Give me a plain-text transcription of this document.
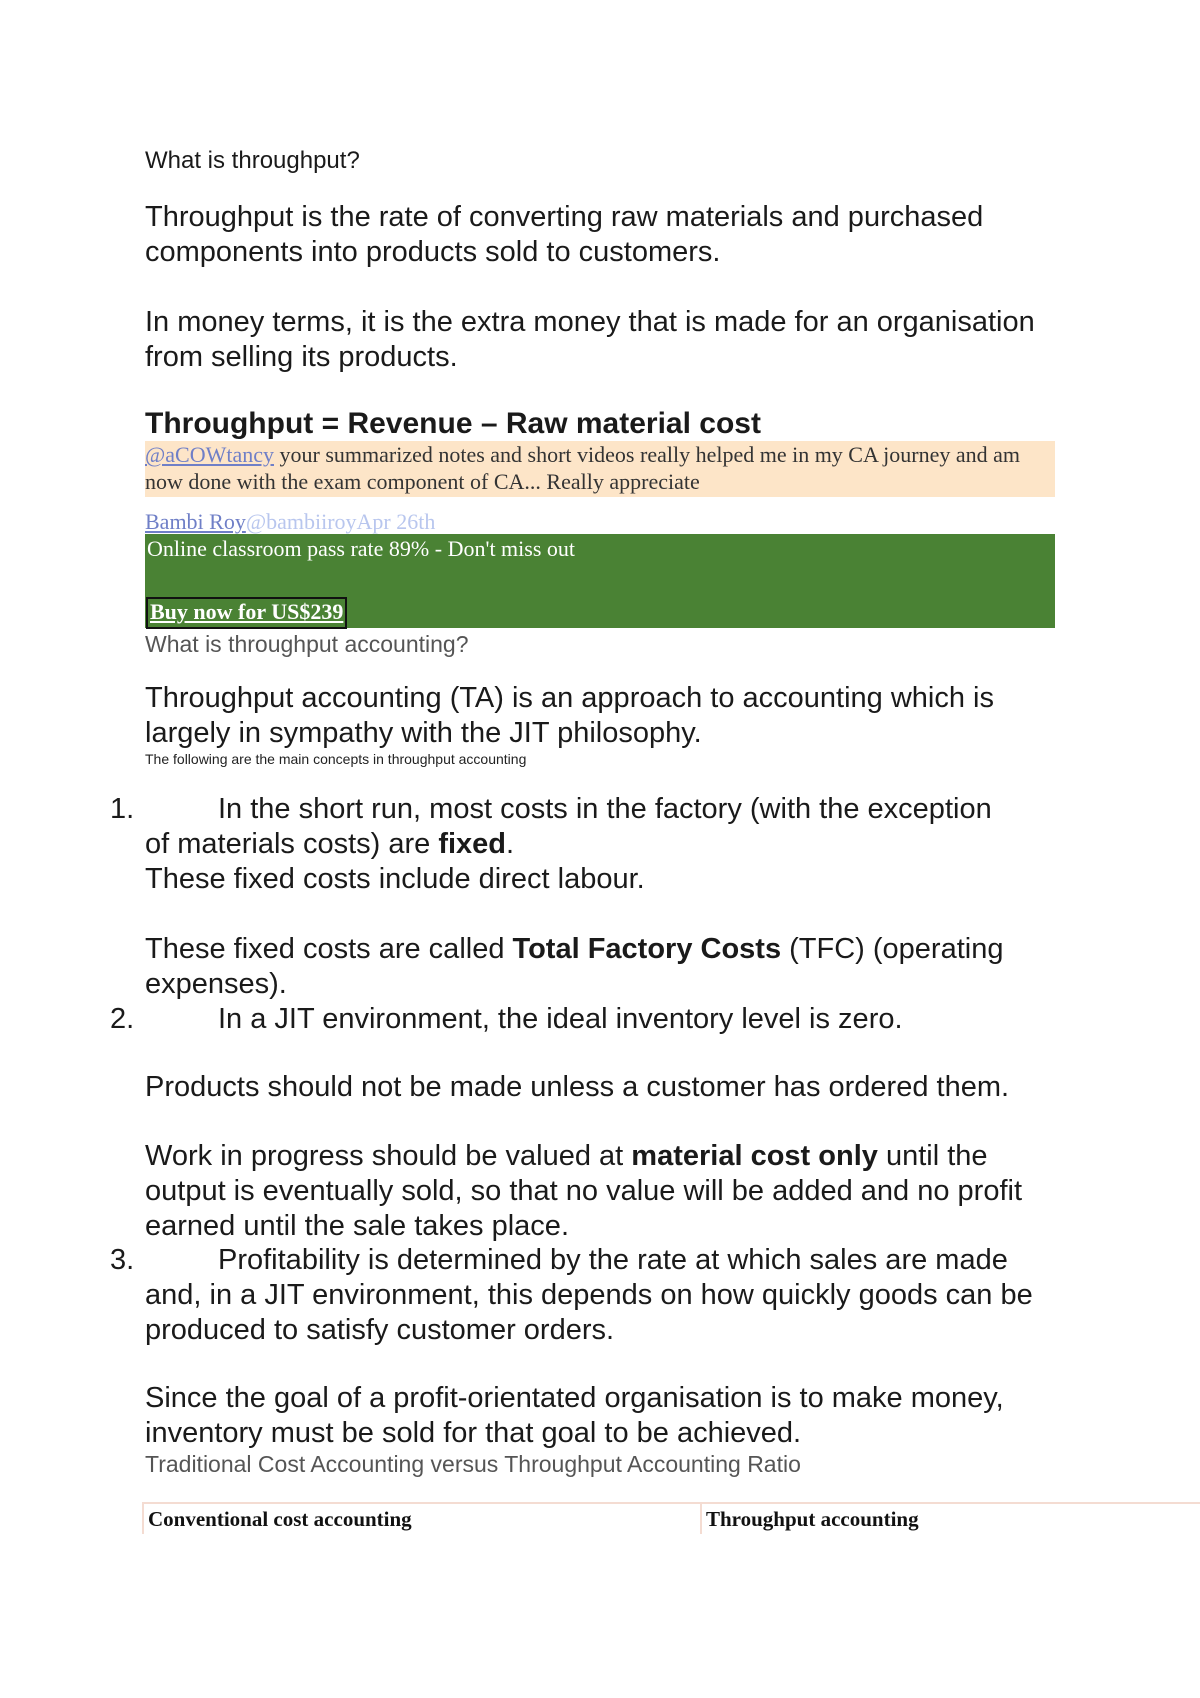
What is throughput?

Throughput is the rate of converting raw materials and purchased components into products sold to customers.

In money terms, it is the extra money that is made for an organisation from selling its products.

Throughput = Revenue – Raw material cost

@aCOWtancy your summarized notes and short videos really helped me in my CA journey and am now done with the exam component of CA... Really appreciate
Bambi Roy@bambiiroyApr 26th
Online classroom pass rate 89% - Don't miss out
Buy now for US$239

What is throughput accounting?

Throughput accounting (TA) is an approach to accounting which is largely in sympathy with the JIT philosophy.

The following are the main concepts in throughput accounting

1.	In the short run, most costs in the factory (with the exception

of materials costs) are fixed.

These fixed costs include direct labour.

These fixed costs are called Total Factory Costs (TFC) (operating expenses).

2.	In a JIT environment, the ideal inventory level is zero.

Products should not be made unless a customer has ordered them.

Work in progress should be valued at material cost only until the output is eventually sold, so that no value will be added and no profit earned until the sale takes place.

3.	Profitability is determined by the rate at which sales are made

and, in a JIT environment, this depends on how quickly goods can be produced to satisfy customer orders.

Since the goal of a profit-orientated organisation is to make money, inventory must be sold for that goal to be achieved.

Traditional Cost Accounting versus Throughput Accounting Ratio

Conventional cost accounting	Throughput accounting
